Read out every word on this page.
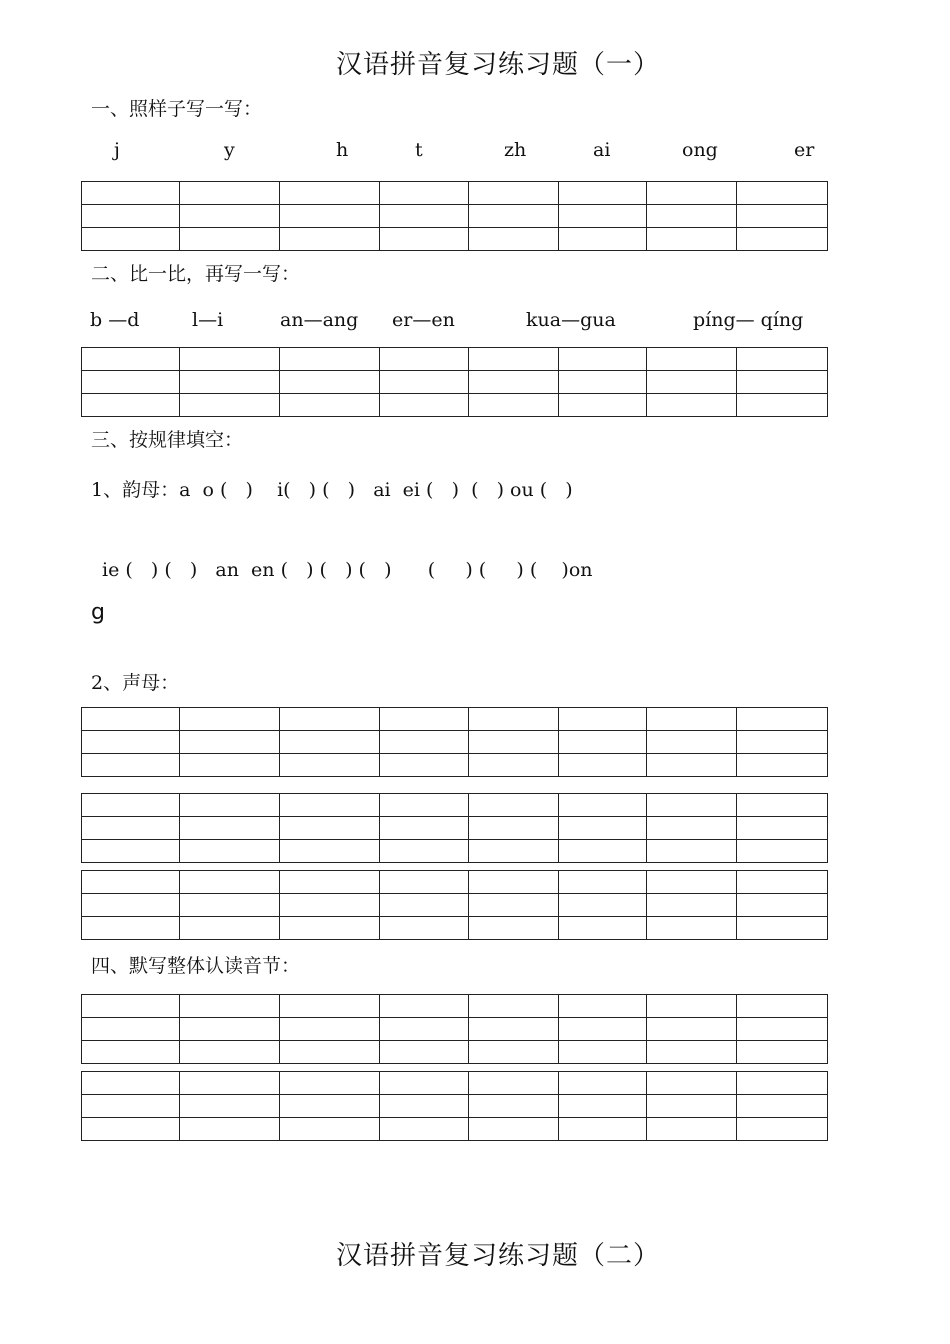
汉语拼音复习练习题（一）
一、照样子写一写：
j	y	h	t	zh	ai	ong	er

二、比一比，再写一写：
b —d	l—i	an—ang er—en	kua—gua	píng— qíng

三、按规律填空：
1、韵母：a  o (   )    i(   ) (   )   ai  ei (   )  (   ) ou (   )
ie (   ) (   )   an  en (   ) (   ) (   )      (     ) (     ) (    )on
g
2、声母：

四、默写整体认读音节：

汉语拼音复习练习题（二）
